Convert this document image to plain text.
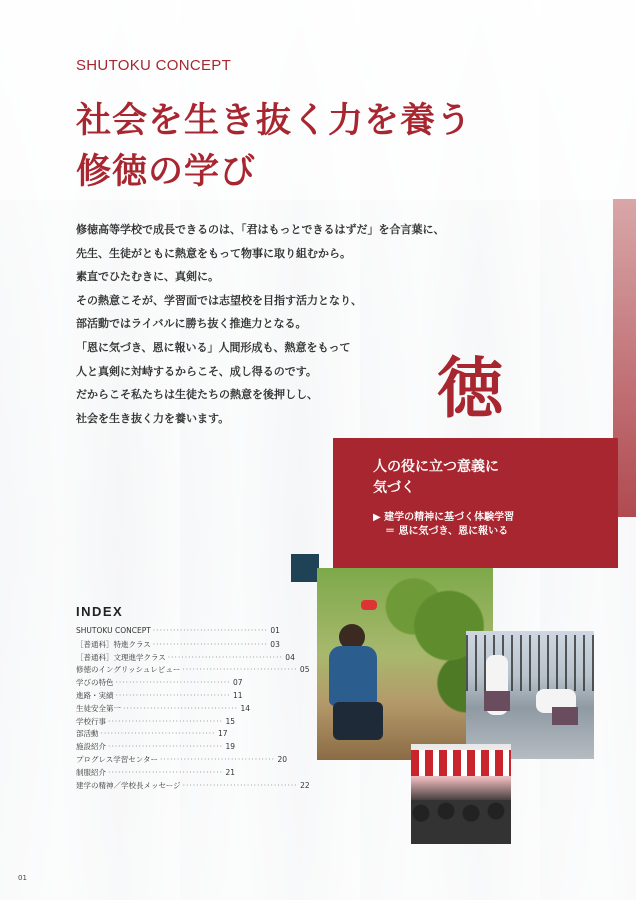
SHUTOKU CONCEPT
社会を生き抜く力を養う
修徳の学び

修徳高等学校で成長できるのは、「君はもっとできるはずだ」を合言葉に、

先生、生徒がともに熱意をもって物事に取り組むから。

素直でひたむきに、真剣に。

その熱意こそが、学習面では志望校を目指す活力となり、

部活動ではライバルに勝ち抜く推進力となる。

「恩に気づき、恩に報いる」人間形成も、熱意をもって

人と真剣に対峙するからこそ、成し得るのです。

だからこそ私たちは生徒たちの熱意を後押しし、

社会を生き抜く力を養います。	徳
人の役に立つ意義に
気づく
▶ 建学の精神に基づく体験学習
＝ 恩に気づき、恩に報いる
INDEX
SHUTOKU CONCEPT ·································· 01
［普通科］特進クラス ·································· 03
［普通科］文理進学クラス ·································· 04
修徳のイングリッシュレビュー ·································· 05
学びの特色 ·································· 07
進路・実績 ·································· 11
生徒安全第一 ·································· 14
学校行事 ·································· 15
部活動 ·································· 17
施設紹介 ·································· 19
プログレス学習センター ·································· 20
制服紹介 ·································· 21
建学の精神／学校長メッセージ ·································· 22
01
